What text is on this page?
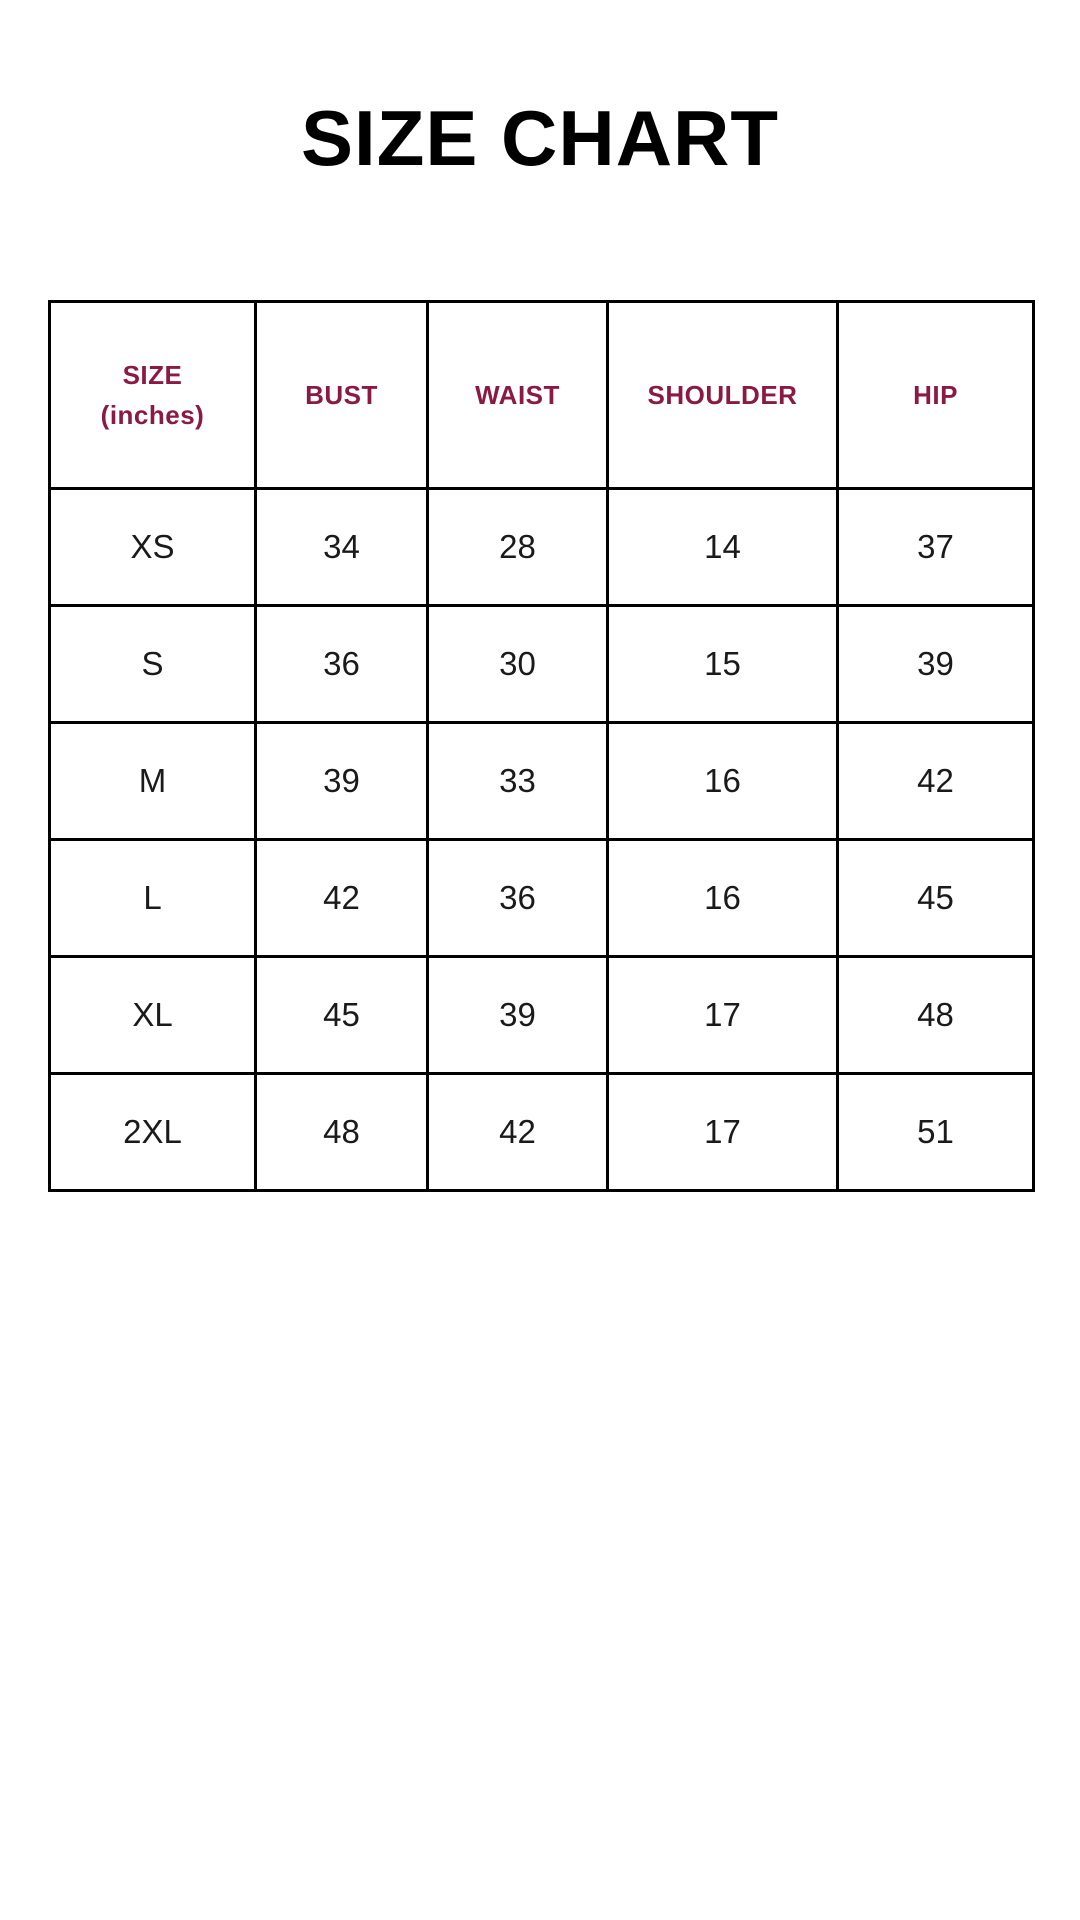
SIZE CHART
SIZE
(inches)	BUST	WAIST	SHOULDER	HIP
XS	34	28	14	37
S	36	30	15	39
M	39	33	16	42
L	42	36	16	45
XL	45	39	17	48
2XL	48	42	17	51
